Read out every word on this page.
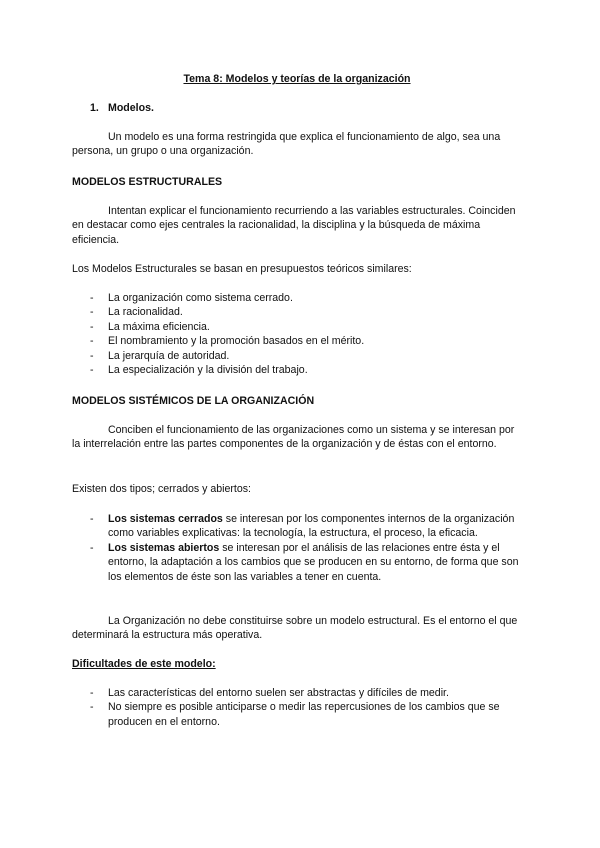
Tema 8: Modelos y teorías de la organización
1. Modelos.
Un modelo es una forma restringida que explica el funcionamiento de algo, sea una persona, un grupo o una organización.
MODELOS ESTRUCTURALES
Intentan explicar el funcionamiento recurriendo a las variables estructurales. Coinciden en destacar como ejes centrales la racionalidad, la disciplina y la búsqueda de máxima eficiencia.
Los Modelos Estructurales se basan en presupuestos teóricos similares:
- La organización como sistema cerrado.
- La racionalidad.
- La máxima eficiencia.
- El nombramiento y la promoción basados en el mérito.
- La jerarquía de autoridad.
- La especialización y la división del trabajo.
MODELOS SISTÉMICOS DE LA ORGANIZACIÓN
Conciben el funcionamiento de las organizaciones como un sistema y se interesan por la interrelación entre las partes componentes de la organización y de éstas con el entorno.
Existen dos tipos; cerrados y abiertos:
- Los sistemas cerrados se interesan por los componentes internos de la organización como variables explicativas: la tecnología, la estructura, el proceso, la eficacia.
- Los sistemas abiertos se interesan por el análisis de las relaciones entre ésta y el entorno, la adaptación a los cambios que se producen en su entorno, de forma que son los elementos de éste son las variables a tener en cuenta.
La Organización no debe constituirse sobre un modelo estructural. Es el entorno el que determinará la estructura más operativa.
Dificultades de este modelo:
- Las características del entorno suelen ser abstractas y difíciles de medir.
- No siempre es posible anticiparse o medir las repercusiones de los cambios que se producen en el entorno.
